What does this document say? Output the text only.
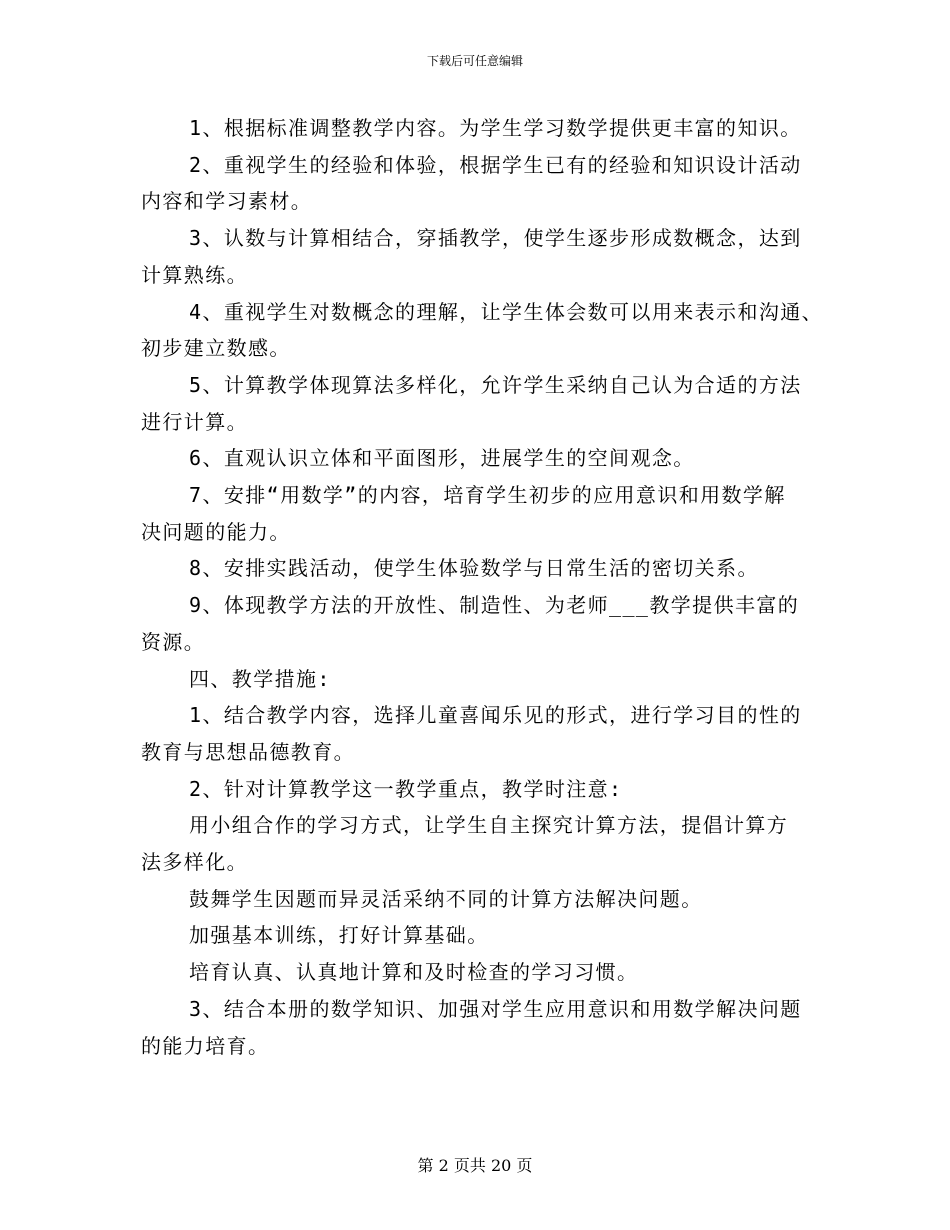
下载后可任意编辑

1、根据标准调整教学内容。为学生学习数学提供更丰富的知识。

2、重视学生的经验和体验，根据学生已有的经验和知识设计活动
内容和学习素材。

3、认数与计算相结合，穿插教学，使学生逐步形成数概念，达到
计算熟练。

4、重视学生对数概念的理解，让学生体会数可以用来表示和沟通、
初步建立数感。

5、计算教学体现算法多样化，允许学生采纳自己认为合适的方法
进行计算。

6、直观认识立体和平面图形，进展学生的空间观念。

7、安排“用数学”的内容，培育学生初步的应用意识和用数学解
决问题的能力。

8、安排实践活动，使学生体验数学与日常生活的密切关系。

9、体现教学方法的开放性、制造性、为老师___教学提供丰富的
资源。

四、教学措施:

1、结合教学内容，选择儿童喜闻乐见的形式，进行学习目的性的
教育与思想品德教育。

2、针对计算教学这一教学重点，教学时注意:

用小组合作的学习方式，让学生自主探究计算方法，提倡计算方
法多样化。

鼓舞学生因题而异灵活采纳不同的计算方法解决问题。

加强基本训练，打好计算基础。

培育认真、认真地计算和及时检查的学习习惯。

3、结合本册的数学知识、加强对学生应用意识和用数学解决问题
的能力培育。

第 2 页共 20 页
